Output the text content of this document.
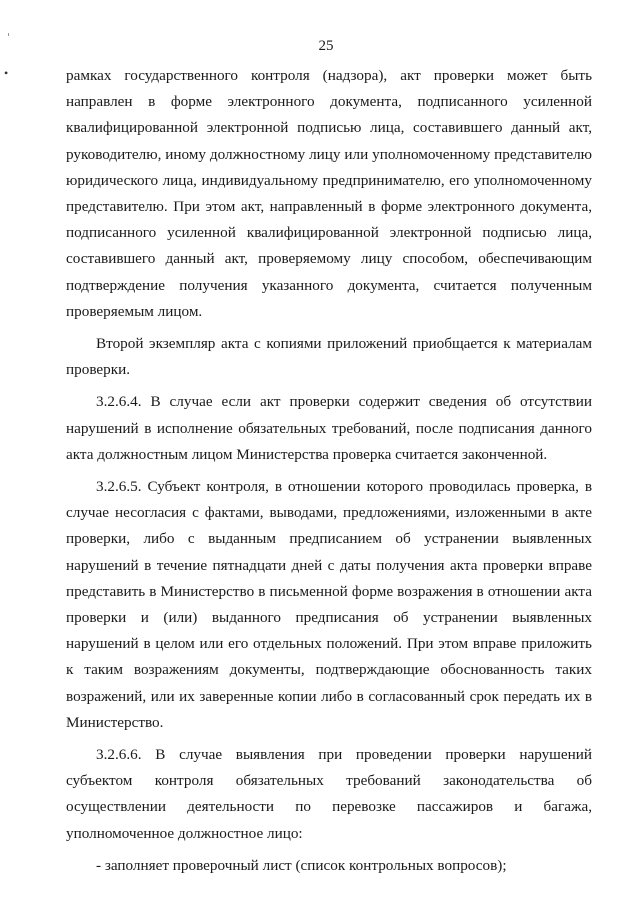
•
25

рамках государственного контроля (надзора), акт проверки может быть направлен в форме электронного документа, подписанного усиленной квалифицированной электронной подписью лица, составившего данный акт, руководителю, иному должностному лицу или уполномоченному представителю юридического лица, индивидуальному предпринимателю, его уполномоченному представителю. При этом акт, направленный в форме электронного документа, подписанного усиленной квалифицированной электронной подписью лица, составившего данный акт, проверяемому лицу способом, обеспечивающим подтверждение получения указанного документа, считается полученным проверяемым лицом.

Второй экземпляр акта с копиями приложений приобщается к материалам проверки.

3.2.6.4. В случае если акт проверки содержит сведения об отсутствии нарушений в исполнение обязательных требований, после подписания данного акта должностным лицом Министерства проверка считается законченной.

3.2.6.5. Субъект контроля, в отношении которого проводилась проверка, в случае несогласия с фактами, выводами, предложениями, изложенными в акте проверки, либо с выданным предписанием об устранении выявленных нарушений в течение пятнадцати дней с даты получения акта проверки вправе представить в Министерство в письменной форме возражения в отношении акта проверки и (или) выданного предписания об устранении выявленных нарушений в целом или его отдельных положений. При этом вправе приложить к таким возражениям документы, подтверждающие обоснованность таких возражений, или их заверенные копии либо в согласованный срок передать их в Министерство.

3.2.6.6. В случае выявления при проведении проверки нарушений субъектом контроля обязательных требований законодательства об осуществлении деятельности по перевозке пассажиров и багажа, уполномоченное должностное лицо:

- заполняет проверочный лист (список контрольных вопросов);
